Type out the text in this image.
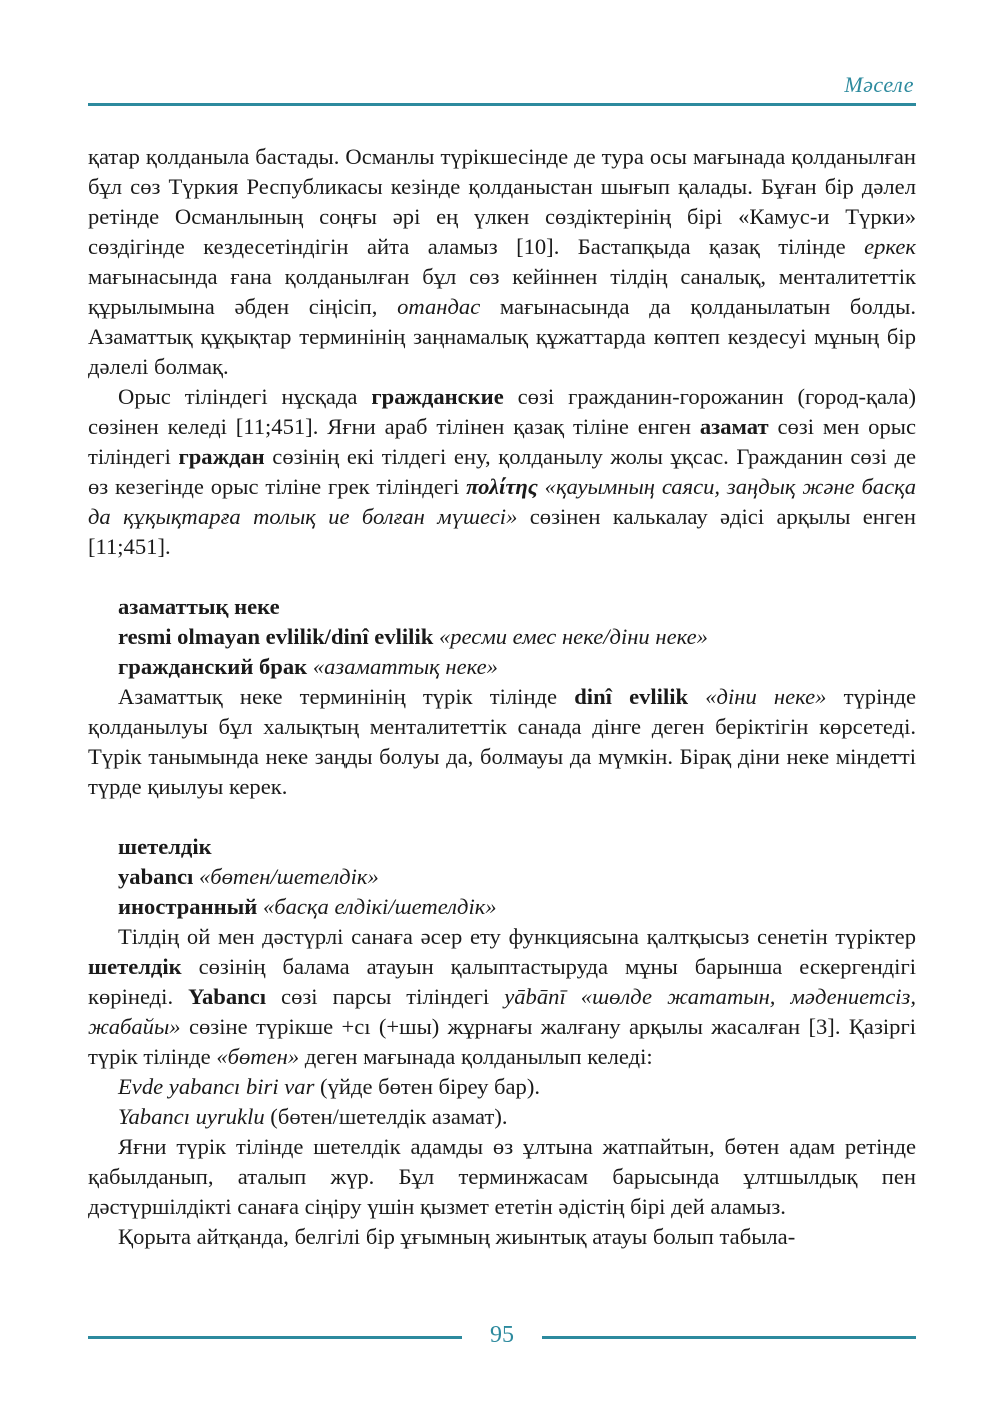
Мәселе

қатар қолданыла бастады. Османлы түрікшесінде де тура осы мағынада қолданылған бұл сөз Түркия Республикасы кезінде қолданыстан шығып қалады. Бұған бір дәлел ретінде Османлының соңғы әрі ең үлкен сөздіктерінің бірі «Камус-и Түрки» сөздігінде кездесетіндігін айта аламыз [10]. Бастапқыда қазақ тілінде еркек мағынасында ғана қолданылған бұл сөз кейіннен тілдің саналық, менталитеттік құрылымына әбден сіңісіп, отандас мағынасында да қолданылатын болды. Азаматтық құқықтар терминінің заңнамалық құжаттарда көптеп кездесуі мұның бір дәлелі болмақ.

Орыс тіліндегі нұсқада гражданские сөзі гражданин-горожанин (город-қала) сөзінен келеді [11;451]. Яғни араб тілінен қазақ тіліне енген азамат сөзі мен орыс тіліндегі граждан сөзінің екі тілдегі ену, қолданылу жолы ұқсас. Гражданин сөзі де өз кезегінде орыс тіліне грек тіліндегі πολίτης «қауымның саяси, заңдық және басқа да құқықтарға толық ие болған мүшесі» сөзінен калькалау әдісі арқылы енген [11;451].

азаматтық неке

resmi olmayan evlilik/dinî evlilik «ресми емес неке/діни неке»

гражданский брак «азаматтық неке»

Азаматтық неке терминінің түрік тілінде dinî evlilik «діни неке» түрінде қолданылуы бұл халықтың менталитеттік санада дінге деген беріктігін көрсетеді. Түрік танымында неке заңды болуы да, болмауы да мүмкін. Бірақ діни неке міндетті түрде қиылуы керек.

шетелдік

yabancı «бөтен/шетелдік»

иностранный «басқа елдікі/шетелдік»

Тілдің ой мен дәстүрлі санаға әсер ету функциясына қалтқысыз сенетін түріктер шетелдік сөзінің балама атауын қалыптастыруда мұны барынша ескергендігі көрінеді. Yabancı сөзі парсы тіліндегі yābānī «шөлде жататын, мәдениетсіз, жабайы» сөзіне түрікше +сı (+шы) жұрнағы жалғану арқылы жасалған [3]. Қазіргі түрік тілінде «бөтен» деген мағынада қолданылып келеді:

Evde yabancı biri var (үйде бөтен біреу бар).

Yabancı uyruklu (бөтен/шетелдік азамат).

Яғни түрік тілінде шетелдік адамды өз ұлтына жатпайтын, бөтен адам ретінде қабылданып, аталып жүр. Бұл терминжасам барысында ұлтшылдық пен дәстүршілдікті санаға сіңіру үшін қызмет ететін әдістің бірі дей аламыз.

Қорыта айтқанда, белгілі бір ұғымның жиынтық атауы болып табыла-

95
